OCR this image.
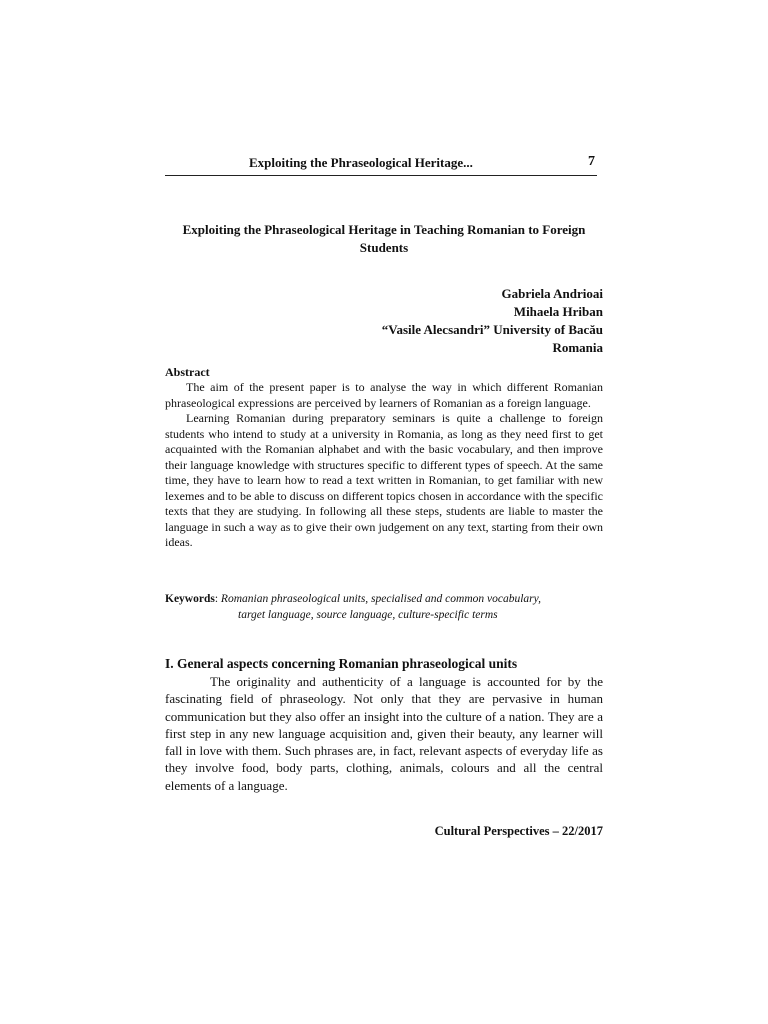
Exploiting the Phraseological Heritage...	7
Exploiting the Phraseological Heritage in Teaching Romanian to Foreign Students
Gabriela Andrioai
Mihaela Hriban
“Vasile Alecsandri” University of Bacău
Romania
Abstract

The aim of the present paper is to analyse the way in which different Romanian phraseological expressions are perceived by learners of Romanian as a foreign language.

Learning Romanian during preparatory seminars is quite a challenge to foreign students who intend to study at a university in Romania, as long as they need first to get acquainted with the Romanian alphabet and with the basic vocabulary, and then improve their language knowledge with structures specific to different types of speech. At the same time, they have to learn how to read a text written in Romanian, to get familiar with new lexemes and to be able to discuss on different topics chosen in accordance with the specific texts that they are studying. In following all these steps, students are liable to master the language in such a way as to give their own judgement on any text, starting from their own ideas.

Keywords: Romanian phraseological units, specialised and common vocabulary,
target language, source language, culture-specific terms
I. General aspects concerning Romanian phraseological units

The originality and authenticity of a language is accounted for by the fascinating field of phraseology. Not only that they are pervasive in human communication but they also offer an insight into the culture of a nation. They are a first step in any new language acquisition and, given their beauty, any learner will fall in love with them. Such phrases are, in fact, relevant aspects of everyday life as they involve food, body parts, clothing, animals, colours and all the central elements of a language.

Cultural Perspectives – 22/2017
